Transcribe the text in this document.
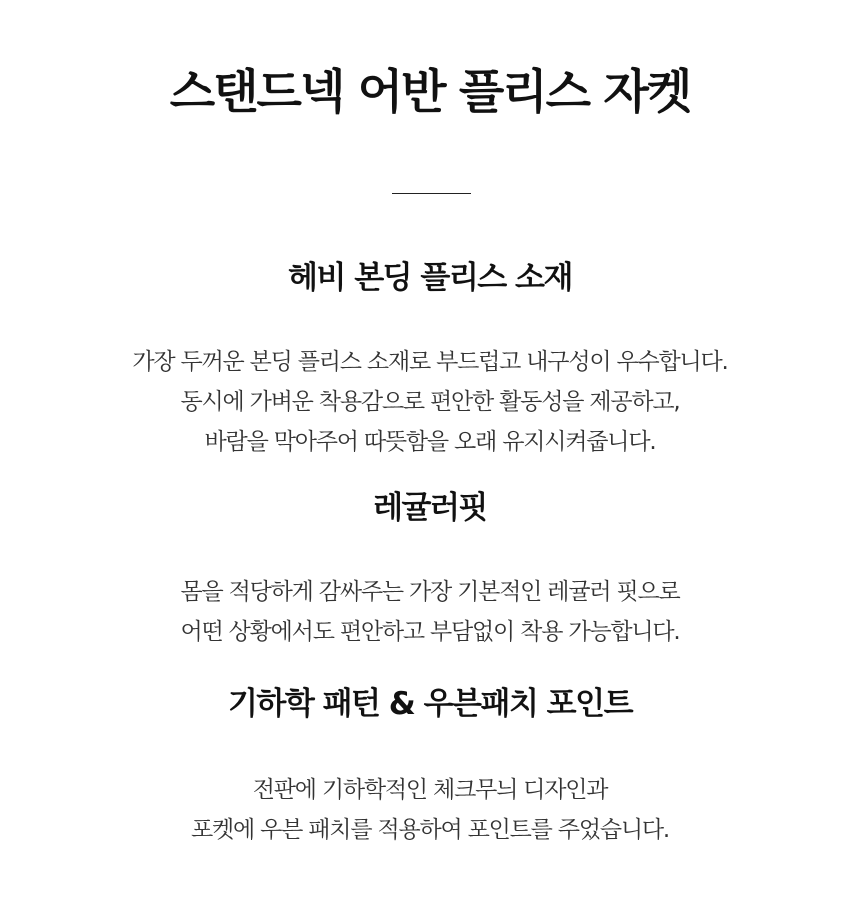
스탠드넥 어반 플리스 자켓
헤비 본딩 플리스 소재

가장 두꺼운 본딩 플리스 소재로 부드럽고 내구성이 우수합니다.
동시에 가벼운 착용감으로 편안한 활동성을 제공하고,
바람을 막아주어 따뜻함을 오래 유지시켜줍니다.

레귤러핏

몸을 적당하게 감싸주는 가장 기본적인 레귤러 핏으로
어떤 상황에서도 편안하고 부담없이 착용 가능합니다.

기하학 패턴 & 우븐패치 포인트

전판에 기하학적인 체크무늬 디자인과
포켓에 우븐 패치를 적용하여 포인트를 주었습니다.
